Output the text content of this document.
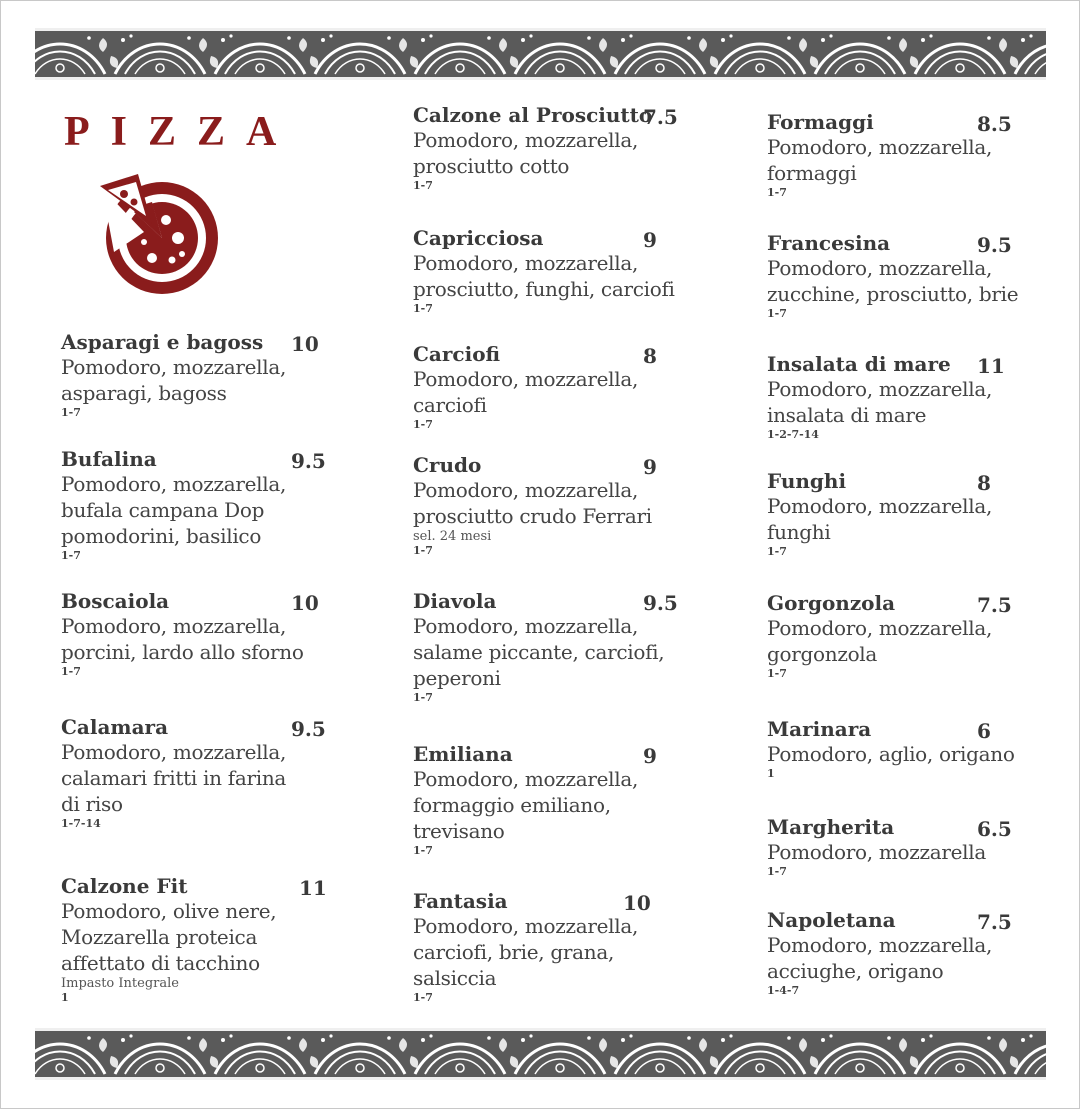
PIZZA
Asparagi e bagoss	10
Pomodoro, mozzarella,
asparagi, bagoss
1-7
Bufalina	9.5
Pomodoro, mozzarella,
bufala campana Dop
pomodorini, basilico
1-7
Boscaiola	10
Pomodoro, mozzarella,
porcini, lardo allo sforno
1-7
Calamara	9.5
Pomodoro, mozzarella,
calamari fritti in farina
di riso
1-7-14
Calzone Fit	11
Pomodoro, olive nere,
Mozzarella proteica
affettato di tacchino
Impasto Integrale
1
Calzone al Prosciutto
7.5
Pomodoro, mozzarella,
prosciutto cotto
1-7
Capricciosa	9
Pomodoro, mozzarella,
prosciutto, funghi, carciofi
1-7
Carciofi	8
Pomodoro, mozzarella,
carciofi
1-7
Crudo	9
Pomodoro, mozzarella,
prosciutto crudo Ferrari
sel. 24 mesi
1-7
Diavola	9.5
Pomodoro, mozzarella,
salame piccante, carciofi,
peperoni
1-7
Emiliana	9
Pomodoro, mozzarella,
formaggio emiliano,
trevisano
1-7
Fantasia	10
Pomodoro, mozzarella,
carciofi, brie, grana,
salsiccia
1-7
Formaggi	8.5
Pomodoro, mozzarella,
formaggi
1-7
Francesina	9.5
Pomodoro, mozzarella,
zucchine, prosciutto, brie
1-7
Insalata di mare	11
Pomodoro, mozzarella,
insalata di mare
1-2-7-14
Funghi	8
Pomodoro, mozzarella,
funghi
1-7
Gorgonzola	7.5
Pomodoro, mozzarella,
gorgonzola
1-7
Marinara	6
Pomodoro, aglio, origano
1
Margherita	6.5
Pomodoro, mozzarella
1-7
Napoletana	7.5
Pomodoro, mozzarella,
acciughe, origano
1-4-7
